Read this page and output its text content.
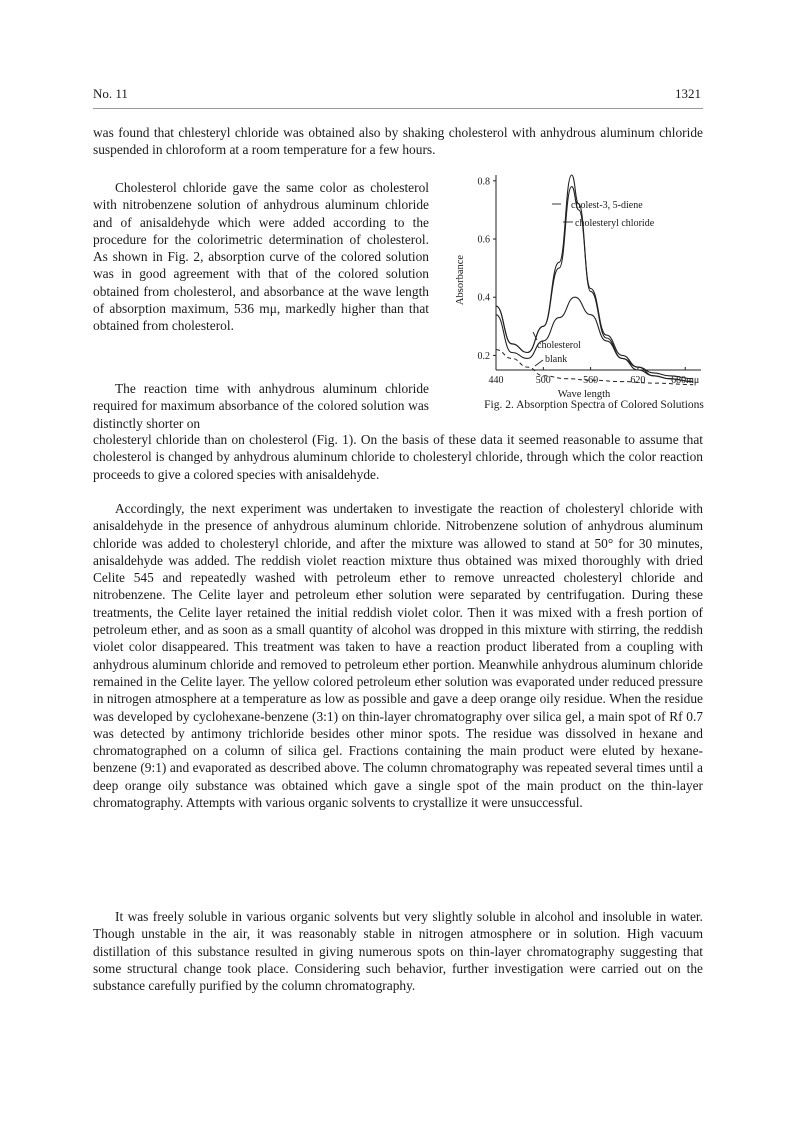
No. 11	1321

was found that chlesteryl chloride was obtained also by shaking cholesterol with anhydrous aluminum chloride suspended in chloroform at a room temperature for a few hours.

Cholesterol chloride gave the same color as cholesterol with nitrobenzene solution of anhydrous aluminum chloride and of anisaldehyde which were added according to the procedure for the colorimetric determination of cholesterol. As shown in Fig. 2, absorption curve of the colored solution was in good agreement with that of the colored solution obtained from cholesterol, and absorbance at the wave length of absorption maximum, 536 mμ, markedly higher than that obtained from cholesterol.

The reaction time with anhydrous aluminum chloride required for maximum absorbance of the colored solution was distinctly shorter on

cholesteryl chloride than on cholesterol (Fig. 1). On the basis of these data it seemed reasonable to assume that cholesterol is changed by anhydrous aluminum chloride to cholesteryl chloride, through which the color reaction proceeds to give a colored species with anisaldehyde.

Accordingly, the next experiment was undertaken to investigate the reaction of cholesteryl chloride with anisaldehyde in the presence of anhydrous aluminum chloride. Nitrobenzene solution of anhydrous aluminum chloride was added to cholesteryl chloride, and after the mixture was allowed to stand at 50° for 30 minutes, anisaldehyde was added. The reddish violet reaction mixture thus obtained was mixed thoroughly with dried Celite 545 and repeatedly washed with petroleum ether to remove unreacted cholesteryl chloride and nitrobenzene. The Celite layer and petroleum ether solution were separated by centrifugation. During these treatments, the Celite layer retained the initial reddish violet color. Then it was mixed with a fresh portion of petroleum ether, and as soon as a small quantity of alcohol was dropped in this mixture with stirring, the reddish violet color disappeared. This treatment was taken to have a reaction product liberated from a coupling with anhydrous aluminum chloride and removed to petroleum ether portion. Meanwhile anhydrous aluminum chloride remained in the Celite layer. The yellow colored petroleum ether solution was evaporated under reduced pressure in nitrogen atmosphere at a temperature as low as possible and gave a deep orange oily residue. When the residue was developed by cyclohexane-benzene (3:1) on thin-layer chromatography over silica gel, a main spot of Rf 0.7 was detected by antimony trichloride besides other minor spots. The residue was dissolved in hexane and chromatographed on a column of silica gel. Fractions containing the main product were eluted by hexane-benzene (9:1) and evaporated as described above. The column chromatography was repeated several times until a deep orange oily substance was obtained which gave a single spot of the main product on the thin-layer chromatography. Attempts with various organic solvents to crystallize it were unsuccessful.

It was freely soluble in various organic solvents but very slightly soluble in alcohol and insoluble in water. Though unstable in the air, it was reasonably stable in nitrogen atmosphere or in solution. High vacuum distillation of this substance resulted in giving numerous spots on thin-layer chromatography suggesting that some structural change took place. Considering such behavior, further investigation were carried out on the substance carefully purified by the column chromatography.

Absorbance
Wave length
0.8
0.6
0.4
0.2
440	500	560	620	680mμ
cholest-3, 5-diene
cholesteryl chloride
cholesterol
blank
Fig. 2. Absorption Spectra of Colored Solutions
